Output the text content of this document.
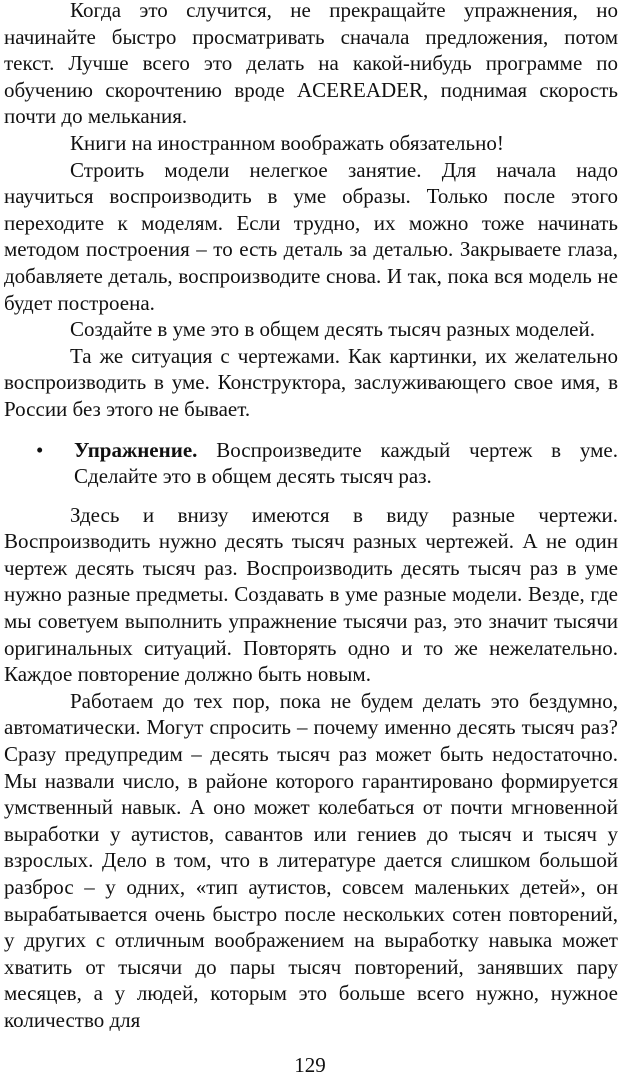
Когда это случится, не прекращайте упражнения, но начинайте быстро просматривать сначала предложения, потом текст. Лучше всего это делать на какой-нибудь программе по обучению скорочтению вроде ACEREADER, поднимая скорость почти до мелькания.

Книги на иностранном воображать обязательно!

Строить модели нелегкое занятие. Для начала надо научиться воспроизводить в уме образы. Только после этого переходите к моделям. Если трудно, их можно тоже начинать методом построения – то есть деталь за деталью. Закрываете глаза, добавляете деталь, воспроизводите снова. И так, пока вся модель не будет построена.

Создайте в уме это в общем десять тысяч разных моделей.

Та же ситуация с чертежами. Как картинки, их желательно воспроизводить в уме. Конструктора, заслуживающего свое имя, в России без этого не бывает.

• Упражнение. Воспроизведите каждый чертеж в уме. Сделайте это в общем десять тысяч раз.

Здесь и внизу имеются в виду разные чертежи. Воспроизводить нужно десять тысяч разных чертежей. А не один чертеж десять тысяч раз. Воспроизводить десять тысяч раз в уме нужно разные предметы. Создавать в уме разные модели. Везде, где мы советуем выполнить упражнение тысячи раз, это значит тысячи оригинальных ситуаций. Повторять одно и то же нежелательно. Каждое повторение должно быть новым.

Работаем до тех пор, пока не будем делать это бездумно, автоматически. Могут спросить – почему именно десять тысяч раз? Сразу предупредим – десять тысяч раз может быть недостаточно. Мы назвали число, в районе которого гарантировано формируется умственный навык. А оно может колебаться от почти мгновенной выработки у аутистов, савантов или гениев до тысяч и тысяч у взрослых. Дело в том, что в литературе дается слишком большой разброс – у одних, «тип аутистов, совсем маленьких детей», он вырабатывается очень быстро после нескольких сотен повторений, у других с отличным воображением на выработку навыка может хватить от тысячи до пары тысяч повторений, занявших пару месяцев, а у людей, которым это больше всего нужно, нужное количество для

129
